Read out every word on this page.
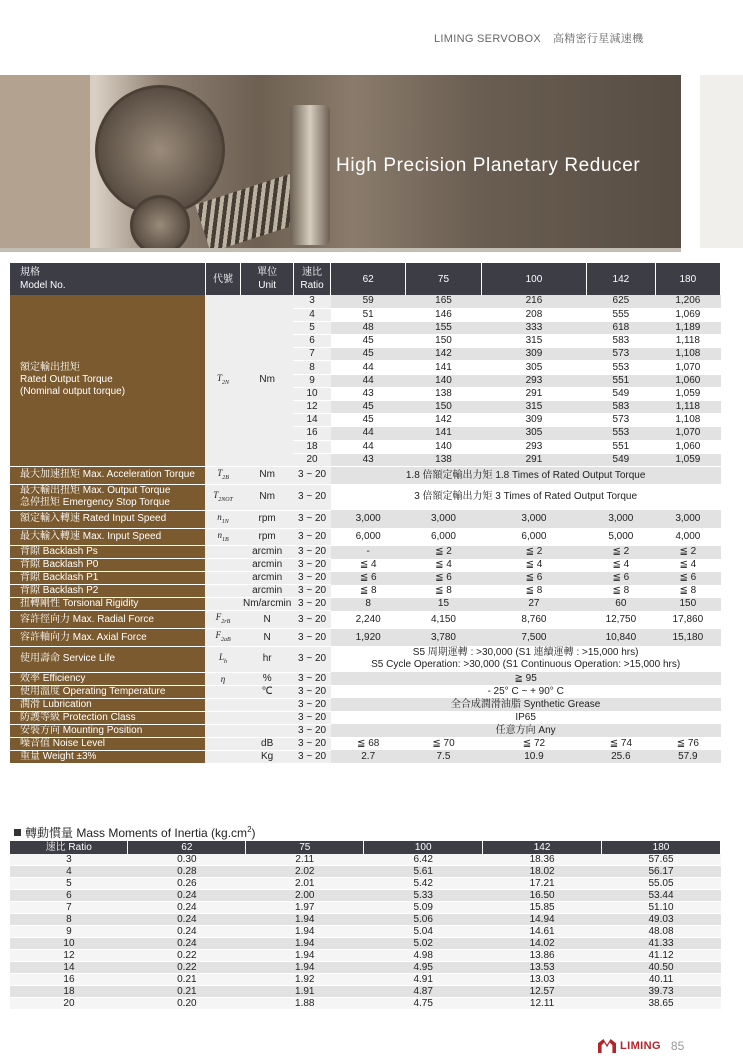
LIMING SERVOBOX 高精密行星減速機
High Precision Planetary Reducer
規格
Model No.	代號	單位
Unit	速比
Ratio	62	75	100	142	180

額定輸出扭矩
Rated Output Torque
(Nominal output torque)	$T_{2N}$	Nm	3	59	165	216	625	1,206
			4	51	146	208	555	1,069
			5	48	155	333	618	1,189
			6	45	150	315	583	1,118
			7	45	142	309	573	1,108
			8	44	141	305	553	1,070
			9	44	140	293	551	1,060
			10	43	138	291	549	1,059
			12	45	150	315	583	1,118
			14	45	142	309	573	1,108
			16	44	141	305	553	1,070
			18	44	140	293	551	1,060
			20	43	138	291	549	1,059

最大加速扭矩 Max. Acceleration Torque	$T_{2B}$	Nm	3 ~ 20	1.8 倍額定輸出力矩 1.8 Times of Rated Output Torque				

最大輸出扭矩 Max. Output Torque
急停扭矩 Emergency Stop Torque	$T_{2NOT}$	Nm	3 ~ 20	3 倍額定輸出力矩 3 Times of Rated Output Torque				

額定輸入轉速 Rated Input Speed	$n_{1N}$	rpm	3 ~ 20	3,000	3,000	3,000	3,000	3,000

最大輸入轉速 Max. Input Speed	$n_{1B}$	rpm	3 ~ 20	6,000	6,000	6,000	5,000	4,000

背隙 Backlash Ps		arcmin	3 ~ 20	-	≦ 2	≦ 2	≦ 2	≦ 2

背隙 Backlash P0		arcmin	3 ~ 20	≦ 4	≦ 4	≦ 4	≦ 4	≦ 4

背隙 Backlash P1		arcmin	3 ~ 20	≦ 6	≦ 6	≦ 6	≦ 6	≦ 6

背隙 Backlash P2		arcmin	3 ~ 20	≦ 8	≦ 8	≦ 8	≦ 8	≦ 8

扭轉剛性 Torsional Rigidity		Nm/arcmin	3 ~ 20	8	15	27	60	150

容許徑向力 Max. Radial Force	$F_{2rB}$	N	3 ~ 20	2,240	4,150	8,760	12,750	17,860

容許軸向力 Max. Axial Force	$F_{2aB}$	N	3 ~ 20	1,920	3,780	7,500	10,840	15,180

使用壽命 Service Life	$L_h$	hr	3 ~ 20	S5 周期運轉 : >30,000 (S1 連續運轉 : >15,000 hrs)
S5 Cycle Operation: >30,000 (S1 Continuous Operation: >15,000 hrs)				

效率 Efficiency	η	%	3 ~ 20	≧ 95				

使用溫度 Operating Temperature		℃	3 ~ 20	- 25° C ~ + 90° C				

潤滑 Lubrication			3 ~ 20	全合成潤滑油脂 Synthetic Grease				

防護等級 Protection Class			3 ~ 20	IP65				

安裝方向 Mounting Position			3 ~ 20	任意方向 Any				

噪音值 Noise Level		dB	3 ~ 20	≦ 68	≦ 70	≦ 72	≦ 74	≦ 76

重量 Weight ±3%		Kg	3 ~ 20	2.7	7.5	10.9	25.6	57.9
轉動慣量 Mass Moments of Inertia $(kg.cm^2)$
速比 Ratio	62	75	100	142	180
3	0.30	2.11	6.42	18.36	57.65
4	0.28	2.02	5.61	18.02	56.17
5	0.26	2.01	5.42	17.21	55.05
6	0.24	2.00	5.33	16.50	53.44
7	0.24	1.97	5.09	15.85	51.10
8	0.24	1.94	5.06	14.94	49.03
9	0.24	1.94	5.04	14.61	48.08
10	0.24	1.94	5.02	14.02	41.33
12	0.22	1.94	4.98	13.86	41.12
14	0.22	1.94	4.95	13.53	40.50
16	0.21	1.92	4.91	13.03	40.11
18	0.21	1.91	4.87	12.57	39.73
20	0.20	1.88	4.75	12.11	38.65
LIMING 85
